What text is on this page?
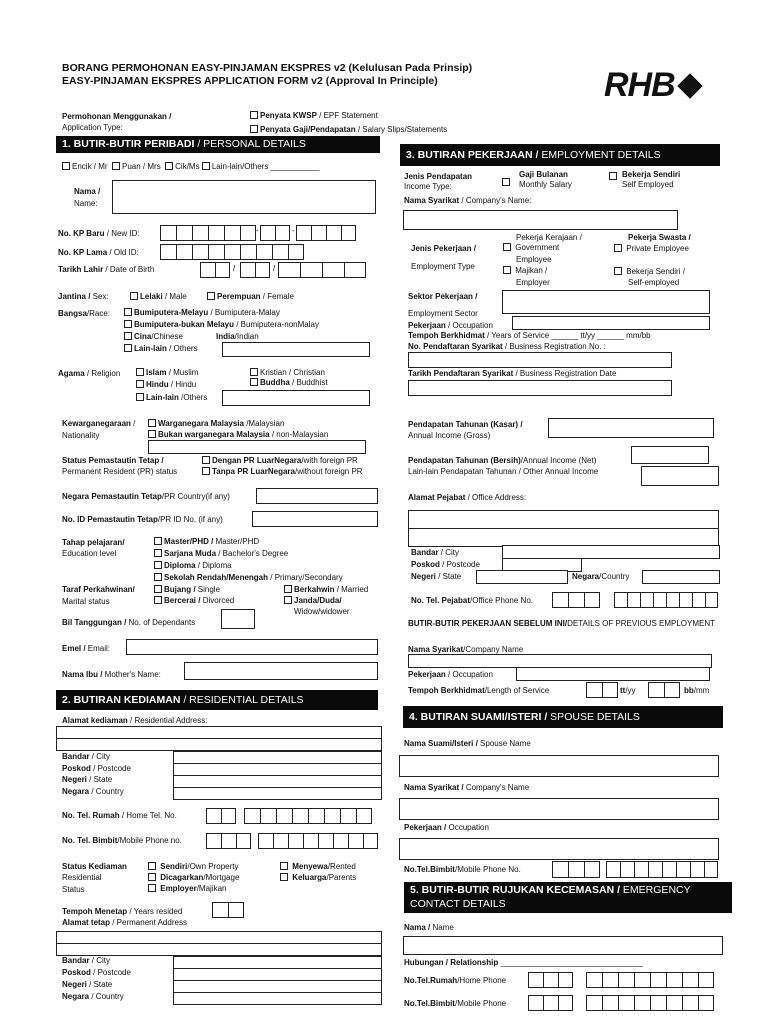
BORANG PERMOHONAN EASY-PINJAMAN EKSPRES v2 (Kelulusan Pada Prinsip)
EASY-PINJAMAN EKSPRES APPLICATION FORM v2 (Approval In Principle)	RHB
Permohonan Menggunakan /
Application Type:
Penyata KWSP / EPF Statement
Penyata Gaji/Pendapatan / Salary Slips/Statements
1. BUTIR-BUTIR PERIBADI / PERSONAL DETAILS
Encik / Mr Puan / Mrs Cik/Ms Lain-lain/Others ___________
Nama /
Name:
No. KP Baru / New ID:	-	-
No. KP Lama / Old ID:
Tarikh Lahir / Date of Birth	/	/
Jantina / Sex:	Lelaki / Male	Perempuan / Female
Bangsa/Race:	Bumiputera-Melayu / Bumiputera-Malay
Bumiputera-bukan Melayu / Bumiputera-nonMalay
Cina/Chinese	India/Indian
Lain-lain / Others
Agama / Religion	Islam / Muslim
Hindu / Hindu
Lain-lain /Others
Kristian / Christian
Buddha / Buddhist
Kewarganegaraan /
Nationality
Warganegara Malaysia /Malaysian
Bukan warganegara Malaysia / non-Malaysian
Status Pemastautin Tetap /
Permanent Resident (PR) status
Dengan PR LuarNegara/with foreign PR
Tanpa PR LuarNegara/without foreign PR
Negara Pemastautin Tetap/PR Country(if any)
No. ID Pemastautin Tetap/PR ID No. (if any)
Tahap pelajaran/
Education level
Master/PHD / Master/PHD
Sarjana Muda / Bachelor's Degree
Diploma / Diploma
Sekolah Rendah/Menengah / Primary/Secondary
Taraf Perkahwinan/
Marital status
Bujang / Single
Bercerai / Divorced
Berkahwin / Married
Janda/Duda/
Widow/widower
Bil Tanggungan / No. of Dependants
Emel / Email:
Nama Ibu / Mother's Name:
2. BUTIRAN KEDIAMAN / RESIDENTIAL DETAILS
Alamat kediaman / Residential Address:
Bandar / City
Poskod / Postcode
Negeri / State
Negara / Country
No. Tel. Rumah / Home Tel. No.
No. Tel. Bimbit/Mobile Phone no.
Status Kediaman
Residential
Status
Sendiri/Own Property
Dicagarkan/Mortgage
Employer/Majikan
Menyewa/Rented
Keluarga/Parents
Tempoh Menetap / Years resided
Alamat tetap / Permanent Address
Bandar / City
Poskod / Postcode
Negeri / State
Negara / Country
3. BUTIRAN PEKERJAAN / EMPLOYMENT DETAILS
Jenis Pendapatan
Income Type:
Gaji Bulanan
Monthly Salary
Bekerja Sendiri
Self Employed
Nama Syarikat / Company's Name:
Jenis Pekerjaan /
Employment Type
Pekerja Kerajaan /
Government
Employee
Majikan /
Employer
Pekerja Swasta /
Private Employee
Bekerja Sendiri /
Self-employed
Sektor Pekerjaan /
Employment Sector
Pekerjaan / Occupation
Tempoh Berkhidmat / Years of Service ______ tt/yy ______ mm/bb
No. Pendaftaran Syarikat / Business Registration No. :
Tarikh Pendaftaran Syarikat / Business Registration Date
Pendapatan Tahunan (Kasar) /
Annual Income (Gross)
Pendapatan Tahunan (Bersih)/Annual Income (Net)
Lain-lain Pendapatan Tahunan / Other Annual Income
Alamat Pejabat / Office Address:
Bandar / City
Poskod / Postcode
Negeri / State	Negara/Country
No. Tel. Pejabat/Office Phone No.
BUTIR-BUTIR PEKERJAAN SEBELUM INI/DETAILS OF PREVIOUS EMPLOYMENT
Nama Syarikat/Company Name
Pekerjaan / Occupation
Tempoh Berkhidmat/Length of Service	tt/yy	bb/mm
4. BUTIRAN SUAMI/ISTERI / SPOUSE DETAILS
Nama Suami/Isteri / Spouse Name
Nama Syarikat / Company's Name
Pekerjaan / Occupation
No.Tel.Bimbit/Mobile Phone No.
5. BUTIR-BUTIR RUJUKAN KECEMASAN / EMERGENCY
CONTACT DETAILS
Nama / Name
Hubungan / Relationship ________________________________
No.Tel.Rumah/Home Phone
No.Tel.Bimbit/Mobile Phone
